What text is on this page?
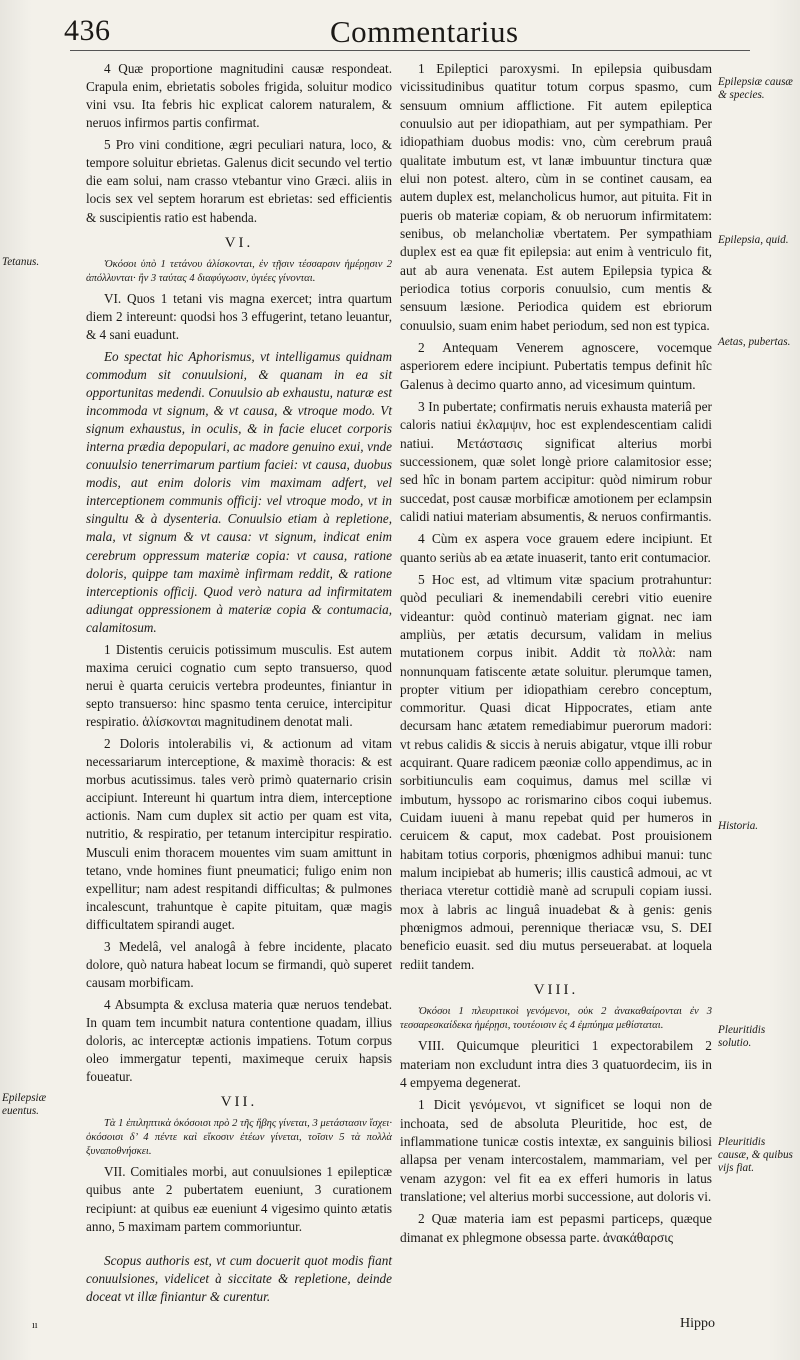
436	Commentarius

4 Quæ proportione magnitudini causæ respondeat. Crapula enim, ebrietatis soboles frigida, soluitur modico vini vsu. Ita febris hic explicat calorem naturalem, & neruos infirmos partis confirmat.

5 Pro vini conditione, ægri peculiari natura, loco, & tempore soluitur ebrietas. Galenus dicit secundo vel tertio die eam solui, nam crasso vtebantur vino Græci. aliis in locis sex vel septem horarum est ebrietas: sed efficientis & suscipientis ratio est habenda.

VI.

Ὁκόσοι ὑπὸ 1 τετάνου ἁλίσκονται, ἐν τῇσιν τέσσαρσιν ἡμέρῃσιν 2 ἀπόλλυνται· ἢν 3 ταύτας 4 διαφύγωσιν, ὑγιέες γίνονται.

VI. Quos 1 tetani vis magna exercet; intra quartum diem 2 intereunt: quodsi hos 3 effugerint, tetano leuantur, & 4 sani euadunt.

Eo spectat hic Aphorismus, vt intelligamus quidnam commodum sit conuulsioni, & quanam in ea sit opportunitas medendi. Conuulsio ab exhaustu, naturæ est incommoda vt signum, & vt causa, & vtroque modo. Vt signum exhaustus, in oculis, & in facie elucet corporis interna prædia depopulari, ac madore genuino exui, vnde conuulsio tenerrimarum partium faciei: vt causa, duobus modis, aut enim doloris vim maximam adfert, vel interceptionem communis officij: vel vtroque modo, vt in singultu & à dysenteria. Conuulsio etiam à repletione, mala, vt signum & vt causa: vt signum, indicat enim cerebrum oppressum materiæ copia: vt causa, ratione doloris, quippe tam maximè infirmam reddit, & ratione interceptionis officij. Quod verò natura ad infirmitatem adiungat oppressionem à materiæ copia & contumacia, calamitosum.

1 Distentis ceruicis potissimum musculis. Est autem maxima ceruici cognatio cum septo transuerso, quod nerui è quarta ceruicis vertebra prodeuntes, finiantur in septo transuerso: hinc spasmo tenta ceruice, intercipitur respiratio. ἁλίσκονται magnitudinem denotat mali.

2 Doloris intolerabilis vi, & actionum ad vitam necessariarum interceptione, & maximè thoracis: & est morbus acutissimus. tales verò primò quaternario crisin accipiunt. Intereunt hi quartum intra diem, interceptione actionis. Nam cum duplex sit actio per quam est vita, nutritio, & respiratio, per tetanum intercipitur respiratio. Musculi enim thoracem mouentes vim suam amittunt in tetano, vnde homines fiunt pneumatici; fuligo enim non expellitur; nam adest respitandi difficultas; & pulmones incalescunt, trahuntque è capite pituitam, quæ magis difficultatem spirandi auget.

3 Medelâ, vel analogâ à febre incidente, placato dolore, quò natura habeat locum se firmandi, quò superet causam morbificam.

4 Absumpta & exclusa materia quæ neruos tendebat. In quam tem incumbit natura contentione quadam, illius doloris, ac interceptæ actionis impatiens. Totum corpus oleo immergatur tepenti, maximeque ceruix hapsis foueatur.

VII.

Τὰ 1 ἐπιληπτικὰ ὁκόσοισι πρὸ 2 τῆς ἥβης γίνεται, 3 μετάστασιν ἴσχει· ὁκόσοισι δ’ 4 πέντε καὶ εἴκοσιν ἐτέων γίνεται, τοῖσιν 5 τὰ πολλὰ ξυναποθνήσκει.

VII. Comitiales morbi, aut conuulsiones 1 epilepticæ quibus ante 2 pubertatem eueniunt, 3 curationem recipiunt: at quibus eæ eueniunt 4 vigesimo quinto ætatis anno, 5 maximam partem commoriuntur.

Scopus authoris est, vt cum docuerit quot modis fiant conuulsiones, videlicet à siccitate & repletione, deinde doceat vt illæ finiantur & curentur.

1 Epileptici paroxysmi. In epilepsia quibusdam vicissitudinibus quatitur totum corpus spasmo, cum sensuum omnium afflictione. Fit autem epileptica conuulsio aut per idiopathiam, aut per sympathiam. Per idiopathiam duobus modis: vno, cùm cerebrum prauâ qualitate imbutum est, vt lanæ imbuuntur tinctura quæ elui non potest. altero, cùm in se continet causam, ea autem duplex est, melancholicus humor, aut pituita. Fit in pueris ob materiæ copiam, & ob neruorum infirmitatem: senibus, ob melancholiæ vbertatem. Per sympathiam duplex est ea quæ fit epilepsia: aut enim à ventriculo fit, aut ab aura venenata. Est autem Epilepsia typica & periodica totius corporis conuulsio, cum mentis & sensuum læsione. Periodica quidem est ebriorum conuulsio, suam enim habet periodum, sed non est typica.

2 Antequam Venerem agnoscere, vocemque asperiorem edere incipiunt. Pubertatis tempus definit hîc Galenus à decimo quarto anno, ad vicesimum quintum.

3 In pubertate; confirmatis neruis exhausta materiâ per caloris natiui ἐκλαμψιν, hoc est explendescentiam calidi natiui. Μετάστασις significat alterius morbi successionem, quæ solet longè priore calamitosior esse; sed hîc in bonam partem accipitur: quòd nimirum robur succedat, post causæ morbificæ amotionem per eclampsin calidi natiui materiam absumentis, & neruos confirmantis.

4 Cùm ex aspera voce grauem edere incipiunt. Et quanto seriùs ab ea ætate inuaserit, tanto erit contumacior.

5 Hoc est, ad vltimum vitæ spacium protrahuntur: quòd peculiari & inemendabili cerebri vitio euenire videantur: quòd continuò materiam gignat. nec iam ampliùs, per ætatis decursum, validam in melius mutationem corpus inibit. Addit τὰ πολλὰ: nam nonnunquam fatiscente ætate soluitur. plerumque tamen, propter vitium per idiopathiam cerebro conceptum, commoritur. Quasi dicat Hippocrates, etiam ante decursam hanc ætatem remediabimur puerorum madori: vt rebus calidis & siccis à neruis abigatur, vtque illi robur acquirant. Quare radicem pæoniæ collo appendimus, ac in sorbitiunculis eam coquimus, damus mel scillæ vi imbutum, hyssopo ac rorismarino cibos coqui iubemus. Cuidam iuueni à manu repebat quid per humeros in ceruicem & caput, mox cadebat. Post prouisionem habitam totius corporis, phœnigmos adhibui manui: tunc malum incipiebat ab humeris; illis causticâ admoui, ac vt theriaca vteretur cottidiè manè ad scrupuli copiam iussi. mox à labris ac linguâ inuadebat & à genis: genis phœnigmos admoui, perennique theriacæ vsu, S. DEI beneficio euasit. sed diu mutus perseuerabat. at loquela rediit tandem.

VIII.

Ὁκόσοι 1 πλευριτικοὶ γενόμενοι, οὐκ 2 ἀνακαθαίρονται ἐν 3 τεσσαρεσκαίδεκα ἡμέρῃσι, τουτέοισιν ἐς 4 ἐμπύημα μεθίσταται.

VIII. Quicumque pleuritici 1 expectorabilem 2 materiam non excludunt intra dies 3 quatuordecim, iis in 4 empyema degenerat.

1 Dicit γενόμενοι, vt significet se loqui non de inchoata, sed de absoluta Pleuritide, hoc est, de inflammatione tunicæ costis intextæ, ex sanguinis biliosi allapsa per venam intercostalem, mammariam, vel per venam azygon: vel fit ea ex efferi humoris in latus translatione; vel alterius morbi successione, aut doloris vi.

2 Quæ materia iam est pepasmi particeps, quæque dimanat ex phlegmone obsessa parte. ἀνακάθαρσις

Tetanus.
Epilepsiæ euentus.
Epilepsiæ causæ & species.
Epilepsia, quid.
Aetas, pubertas.
Historia.
Pleuritidis solutio.
Pleuritidis causæ, & quibus vijs fiat.
ıı	Hippo
